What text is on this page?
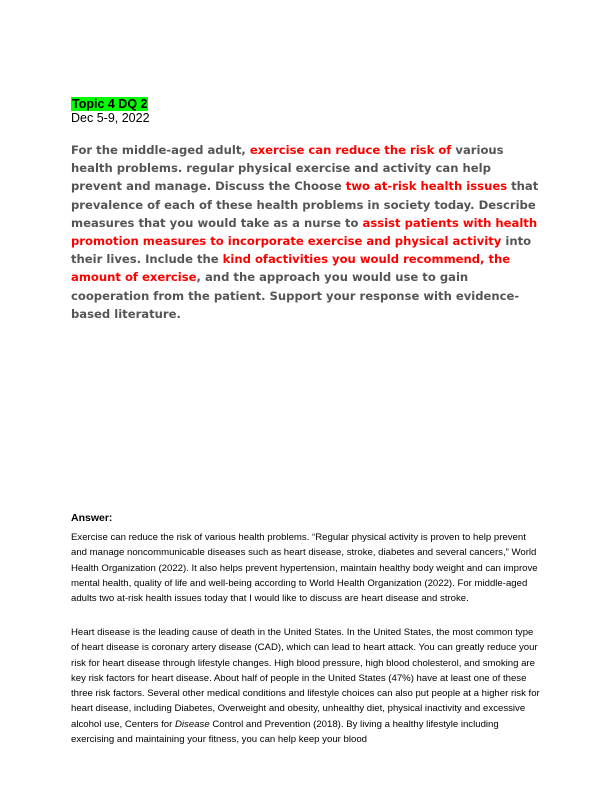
Topic 4 DQ 2
Dec 5-9, 2022
For the middle-aged adult, exercise can reduce the risk of various health problems. regular physical exercise and activity can help prevent and manage. Discuss the Choose two at-risk health issues that prevalence of each of these health problems in society today. Describe measures that you would take as a nurse to assist patients with health promotion measures to incorporate exercise and physical activity into their lives. Include the kind ofactivities you would recommend, the amount of exercise, and the approach you would use to gain cooperation from the patient. Support your response with evidence-based literature.
Answer:

Exercise can reduce the risk of various health problems. “Regular physical activity is proven to help prevent and manage noncommunicable diseases such as heart disease, stroke, diabetes and several cancers,” World Health Organization (2022). It also helps prevent hypertension, maintain healthy body weight and can improve mental health, quality of life and well-being according to World Health Organization (2022). For middle-aged adults two at-risk health issues today that I would like to discuss are heart disease and stroke.

Heart disease is the leading cause of death in the United States. In the United States, the most common type of heart disease is coronary artery disease (CAD), which can lead to heart attack. You can greatly reduce your risk for heart disease through lifestyle changes. High blood pressure, high blood cholesterol, and smoking are key risk factors for heart disease. About half of people in the United States (47%) have at least one of these three risk factors. Several other medical conditions and lifestyle choices can also put people at a higher risk for heart disease, including Diabetes, Overweight and obesity, unhealthy diet, physical inactivity and excessive alcohol use, Centers for Disease Control and Prevention (2018). By living a healthy lifestyle including exercising and maintaining your fitness, you can help keep your blood
